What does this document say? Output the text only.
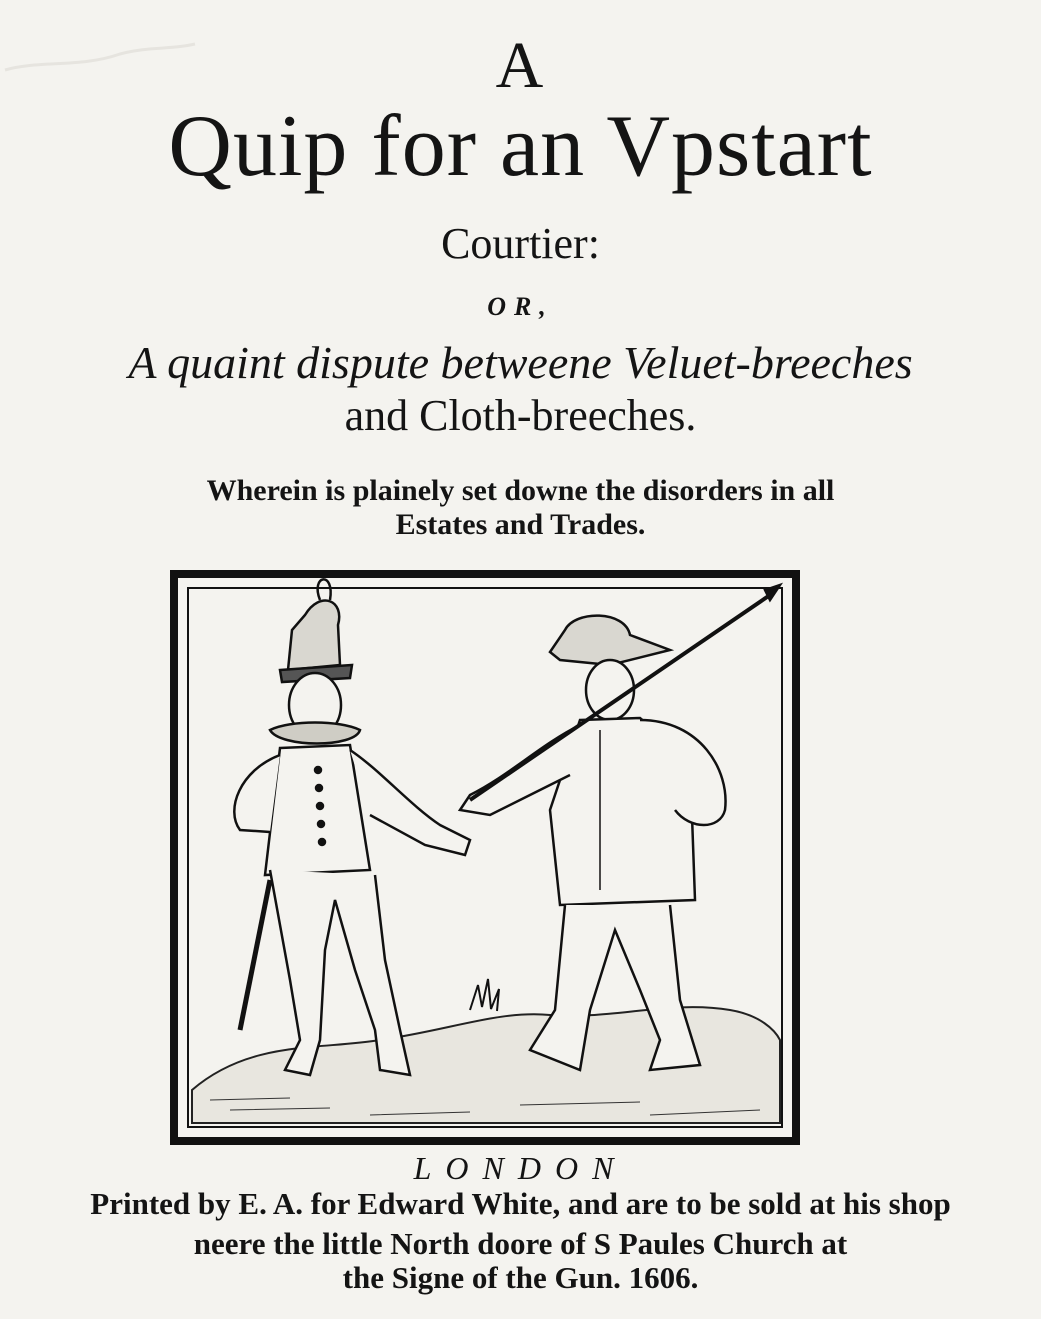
A
Quip for an Vpstart
Courtier:
OR,
A quaint dispute betweene Veluet-breeches
and Cloth-breeches.
Wherein is plainely set downe the disorders in all
Estates and Trades.
LONDON
Printed by E. A. for Edward White, and are to be sold at his shop
neere the little North doore of S Paules Church at
the Signe of the Gun. 1606.
